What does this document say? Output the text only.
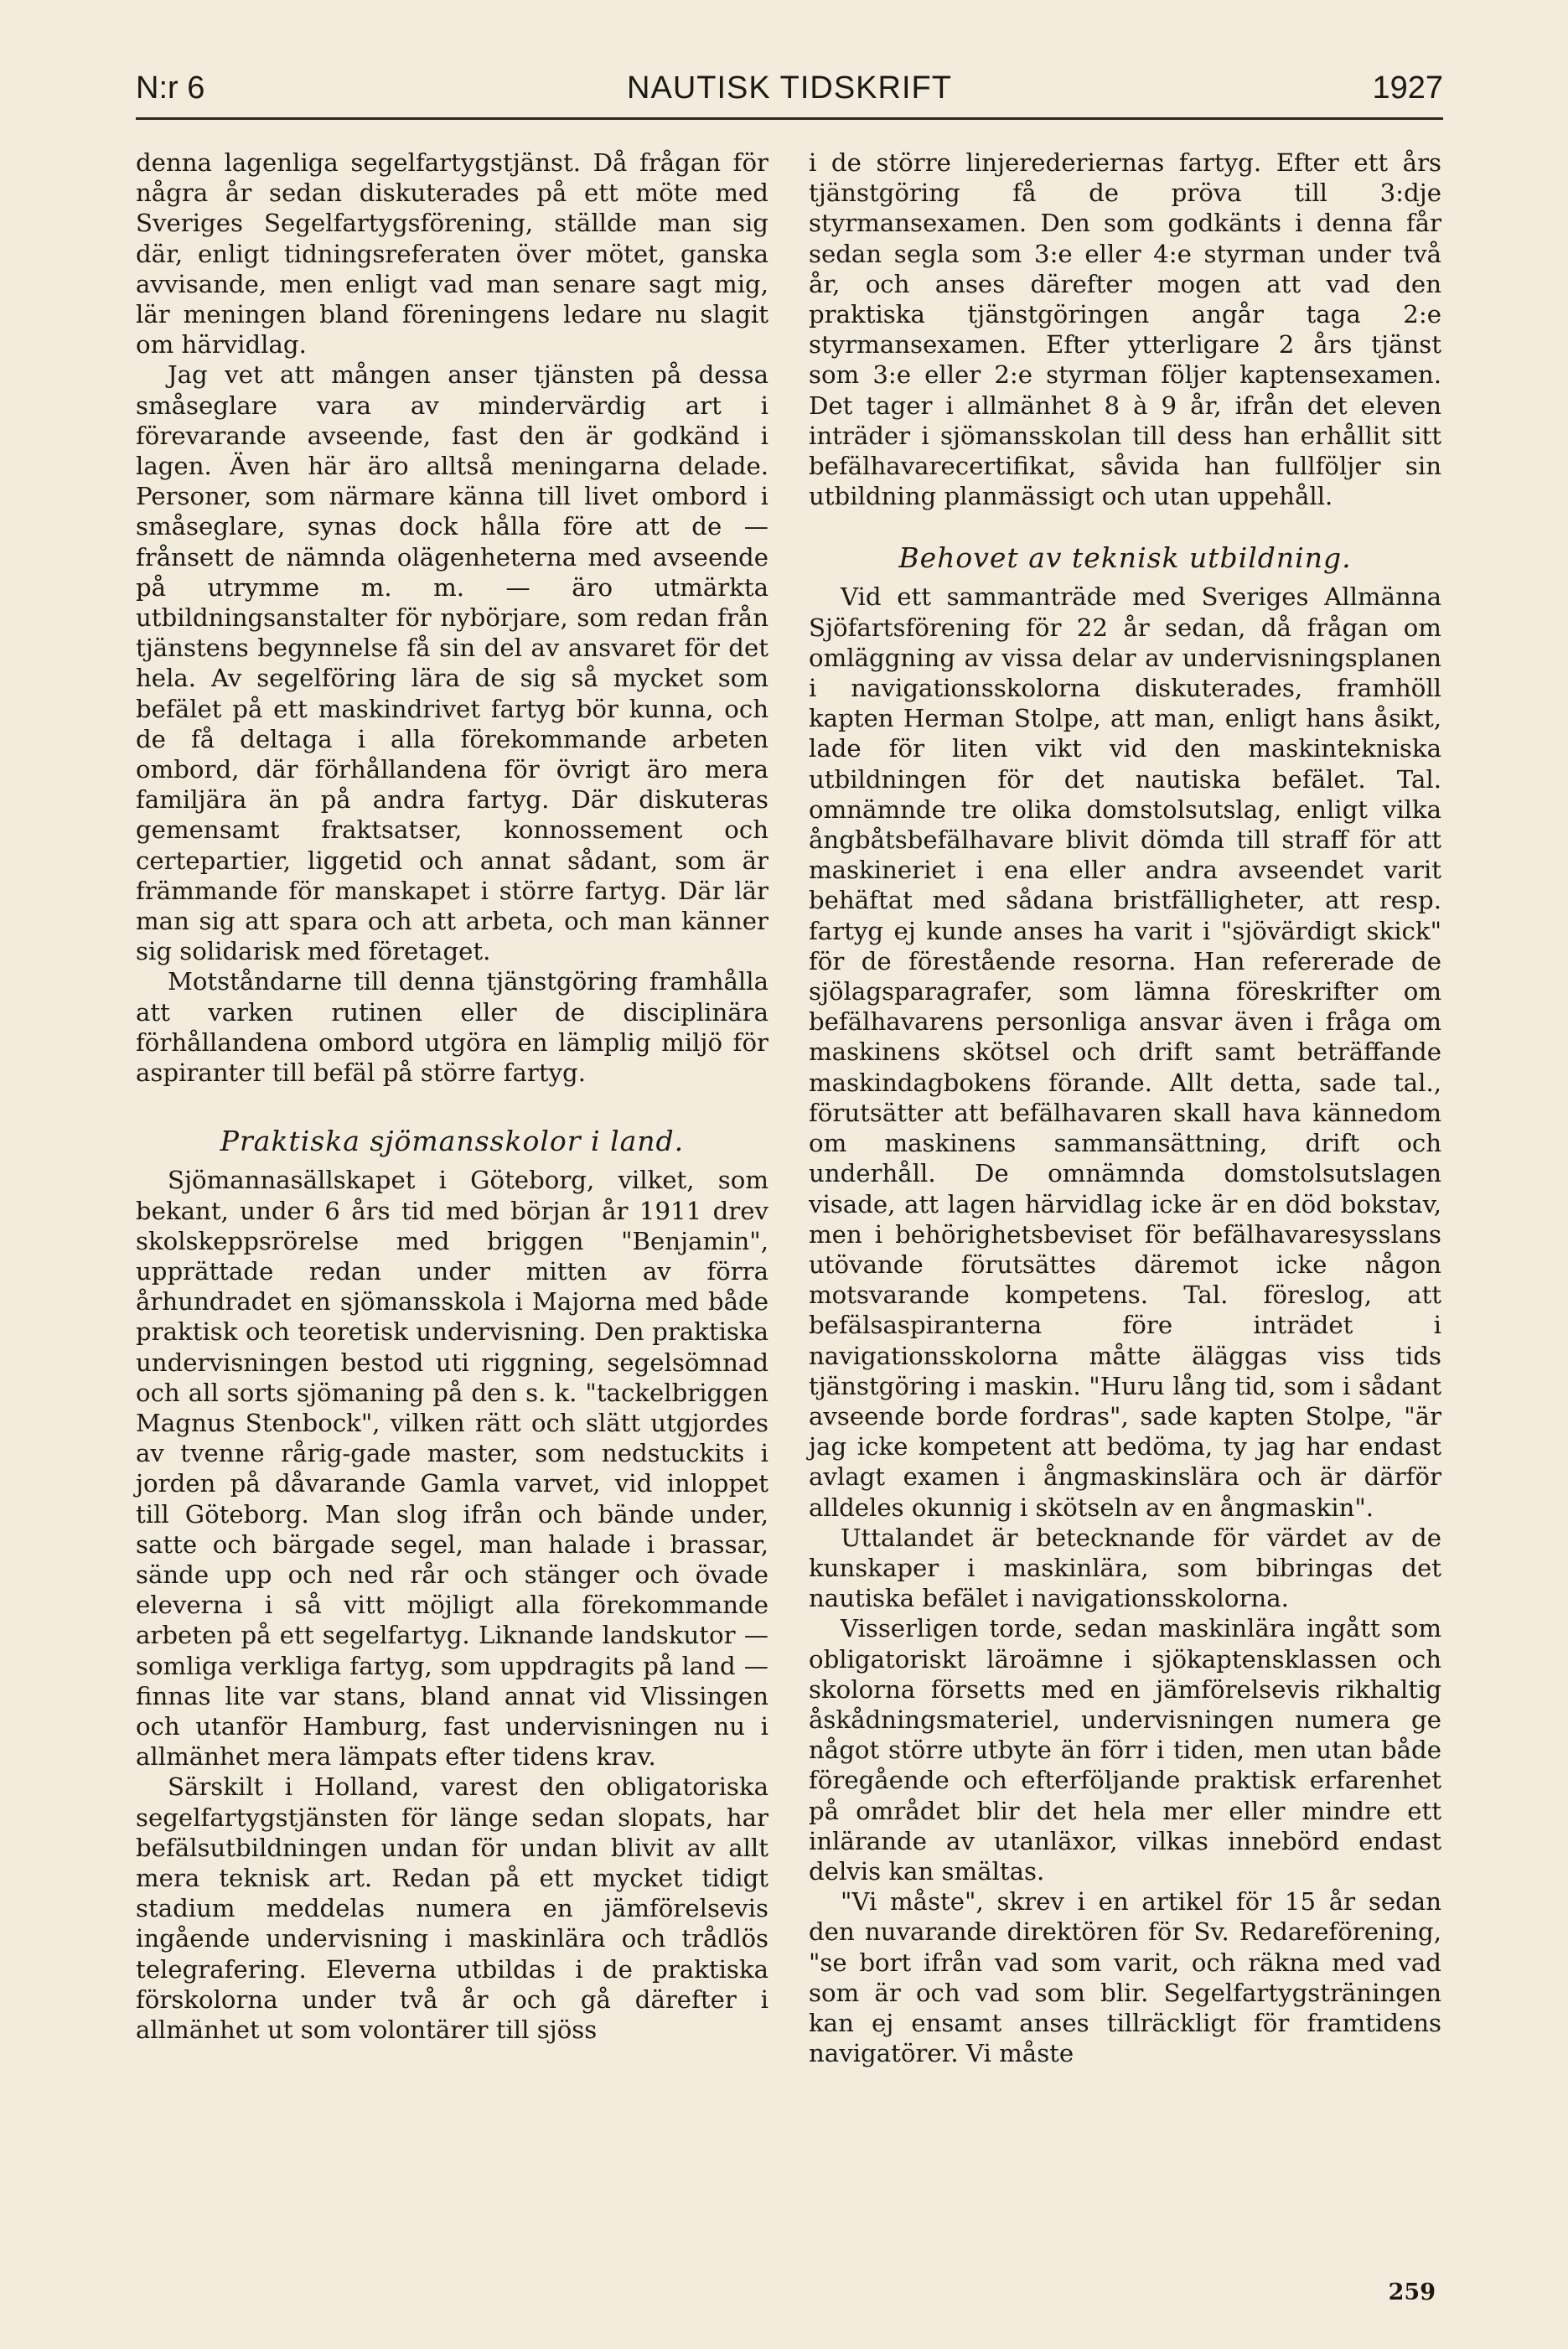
N:r 6	NAUTISK TIDSKRIFT	1927

denna lagenliga segelfartygstjänst. Då frågan för några år sedan diskuterades på ett möte med Sveriges Segelfartygsförening, ställde man sig där, enligt tidningsreferaten över mötet, ganska avvisande, men enligt vad man senare sagt mig, lär meningen bland föreningens ledare nu slagit om härvidlag.

Jag vet att mången anser tjänsten på dessa småseglare vara av mindervärdig art i förevarande avseende, fast den är godkänd i lagen. Även här äro alltså meningarna delade. Personer, som närmare känna till livet ombord i småseglare, synas dock hålla före att de — frånsett de nämnda olägenheterna med avseende på utrymme m. m. — äro utmärkta utbildningsanstalter för nybörjare, som redan från tjänstens begynnelse få sin del av ansvaret för det hela. Av segelföring lära de sig så mycket som befälet på ett maskindrivet fartyg bör kunna, och de få deltaga i alla förekommande arbeten ombord, där förhållandena för övrigt äro mera familjära än på andra fartyg. Där diskuteras gemensamt fraktsatser, konnossement och certepartier, liggetid och annat sådant, som är främmande för manskapet i större fartyg. Där lär man sig att spara och att arbeta, och man känner sig solidarisk med företaget.

Motståndarne till denna tjänstgöring framhålla att varken rutinen eller de disciplinära förhållandena ombord utgöra en lämplig miljö för aspiranter till befäl på större fartyg.

Praktiska sjömansskolor i land.

Sjömannasällskapet i Göteborg, vilket, som bekant, under 6 års tid med början år 1911 drev skolskeppsrörelse med briggen "Benjamin", upprättade redan under mitten av förra århundradet en sjömansskola i Majorna med både praktisk och teoretisk undervisning. Den praktiska undervisningen bestod uti riggning, segelsömnad och all sorts sjömaning på den s. k. "tackelbriggen Magnus Stenbock", vilken rätt och slätt utgjordes av tvenne rårig-gade master, som nedstuckits i jorden på dåvarande Gamla varvet, vid inloppet till Göteborg. Man slog ifrån och bände under, satte och bärgade segel, man halade i brassar, sände upp och ned rår och stänger och övade eleverna i så vitt möjligt alla förekommande arbeten på ett segelfartyg. Liknande landskutor — somliga verkliga fartyg, som uppdragits på land — finnas lite var stans, bland annat vid Vlissingen och utanför Hamburg, fast undervisningen nu i allmänhet mera lämpats efter tidens krav.

Särskilt i Holland, varest den obligatoriska segelfartygstjänsten för länge sedan slopats, har befälsutbildningen undan för undan blivit av allt mera teknisk art. Redan på ett mycket tidigt stadium meddelas numera en jämförelsevis ingående undervisning i maskinlära och trådlös telegrafering. Eleverna utbildas i de praktiska förskolorna under två år och gå därefter i allmänhet ut som volontärer till sjöss

i de större linjerederiernas fartyg. Efter ett års tjänstgöring få de pröva till 3:dje styrmansexamen. Den som godkänts i denna får sedan segla som 3:e eller 4:e styrman under två år, och anses därefter mogen att vad den praktiska tjänstgöringen angår taga 2:e styrmansexamen. Efter ytterligare 2 års tjänst som 3:e eller 2:e styrman följer kaptensexamen. Det tager i allmänhet 8 à 9 år, ifrån det eleven inträder i sjömansskolan till dess han erhållit sitt befälhavarecertifikat, såvida han fullföljer sin utbildning planmässigt och utan uppehåll.

Behovet av teknisk utbildning.

Vid ett sammanträde med Sveriges Allmänna Sjöfartsförening för 22 år sedan, då frågan om omläggning av vissa delar av undervisningsplanen i navigationsskolorna diskuterades, framhöll kapten Herman Stolpe, att man, enligt hans åsikt, lade för liten vikt vid den maskintekniska utbildningen för det nautiska befälet. Tal. omnämnde tre olika domstolsutslag, enligt vilka ångbåtsbefälhavare blivit dömda till straff för att maskineriet i ena eller andra avseendet varit behäftat med sådana bristfälligheter, att resp. fartyg ej kunde anses ha varit i "sjövärdigt skick" för de förestående resorna. Han refererade de sjölagsparagrafer, som lämna föreskrifter om befälhavarens personliga ansvar även i fråga om maskinens skötsel och drift samt beträffande maskindagbokens förande. Allt detta, sade tal., förutsätter att befälhavaren skall hava kännedom om maskinens sammansättning, drift och underhåll. De omnämnda domstolsutslagen visade, att lagen härvidlag icke är en död bokstav, men i behörighetsbeviset för befälhavaresysslans utövande förutsättes däremot icke någon motsvarande kompetens. Tal. föreslog, att befälsaspiranterna före inträdet i navigationsskolorna måtte äläggas viss tids tjänstgöring i maskin. "Huru lång tid, som i sådant avseende borde fordras", sade kapten Stolpe, "är jag icke kompetent att bedöma, ty jag har endast avlagt examen i ångmaskinslära och är därför alldeles okunnig i skötseln av en ångmaskin".

Uttalandet är betecknande för värdet av de kunskaper i maskinlära, som bibringas det nautiska befälet i navigationsskolorna.

Visserligen torde, sedan maskinlära ingått som obligatoriskt läroämne i sjökaptensklassen och skolorna försetts med en jämförelsevis rikhaltig åskådningsmateriel, undervisningen numera ge något större utbyte än förr i tiden, men utan både föregående och efterföljande praktisk erfarenhet på området blir det hela mer eller mindre ett inlärande av utanläxor, vilkas innebörd endast delvis kan smältas.

"Vi måste", skrev i en artikel för 15 år sedan den nuvarande direktören för Sv. Redareförening, "se bort ifrån vad som varit, och räkna med vad som är och vad som blir. Segelfartygsträningen kan ej ensamt anses tillräckligt för framtidens navigatörer. Vi måste

259
